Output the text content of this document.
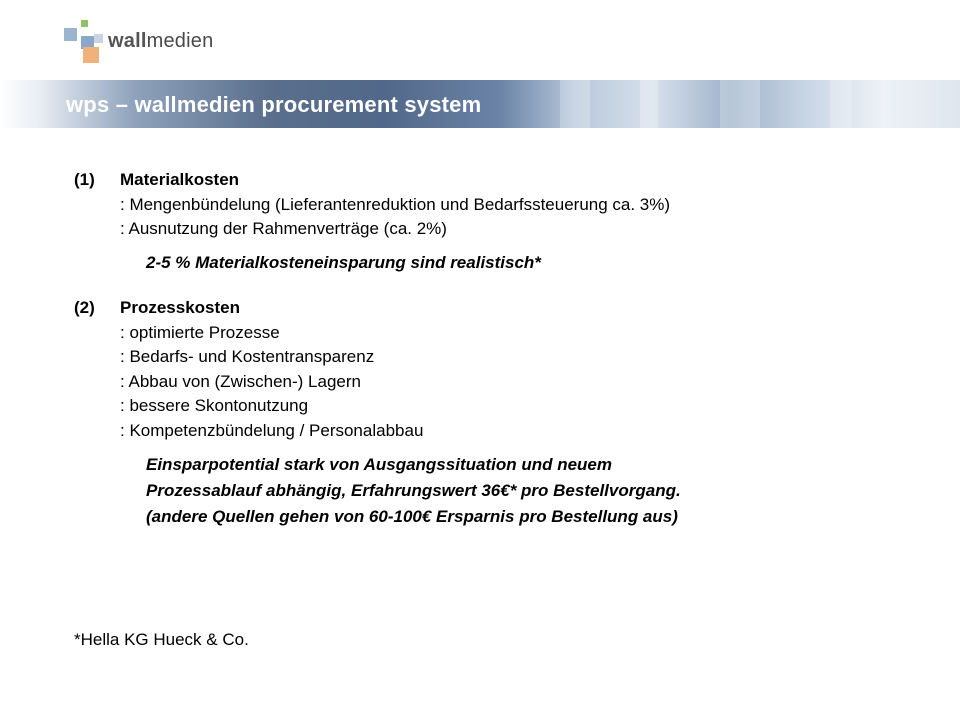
wallmedien
wps – wallmedien procurement system
(1) Materialkosten
: Mengenbündelung (Lieferantenreduktion und Bedarfssteuerung ca. 3%)
: Ausnutzung der Rahmenverträge (ca. 2%)
2-5 % Materialkosteneinsparung sind realistisch*
(2) Prozesskosten
: optimierte Prozesse
: Bedarfs- und Kostentransparenz
: Abbau von (Zwischen-) Lagern
: bessere Skontonutzung
: Kompetenzbündelung / Personalabbau
Einsparpotential stark von Ausgangssituation und neuem
Prozessablauf abhängig, Erfahrungswert 36€* pro Bestellvorgang.
(andere Quellen gehen von 60-100€ Ersparnis pro Bestellung aus)
*Hella KG Hueck & Co.
